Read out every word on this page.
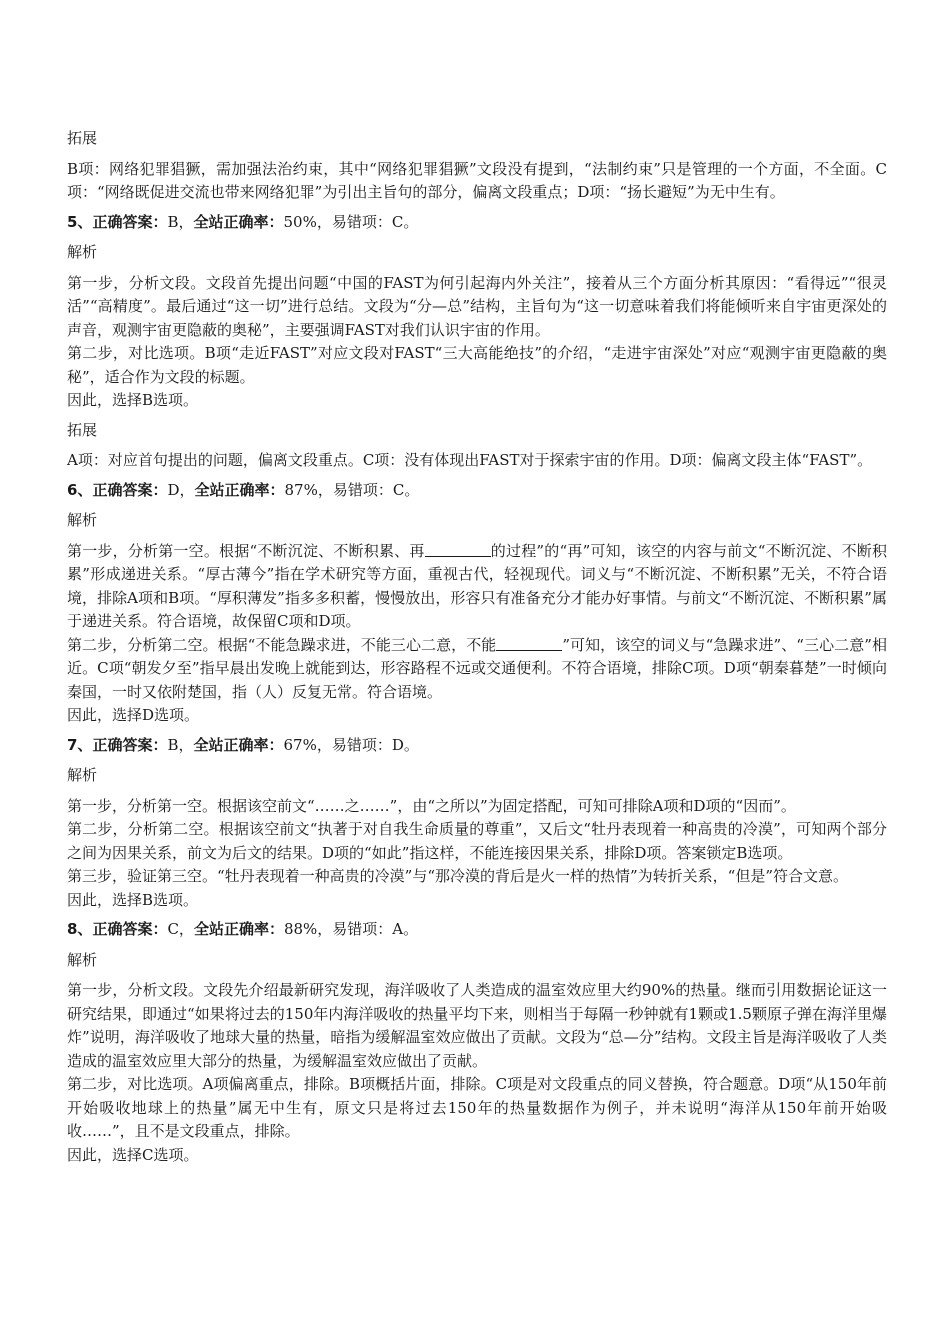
拓展

B项：网络犯罪猖獗，需加强法治约束，其中“网络犯罪猖獗”文段没有提到，“法制约束”只是管理的一个方面，不全面。C项：“网络既促进交流也带来网络犯罪”为引出主旨句的部分，偏离文段重点；D项：“扬长避短”为无中生有。

5、正确答案：B，全站正确率：50%，易错项：C。
解析

第一步，分析文段。文段首先提出问题“中国的FAST为何引起海内外关注”，接着从三个方面分析其原因：“看得远”“很灵活”“高精度”。最后通过“这一切”进行总结。文段为“分—总”结构，主旨句为“这一切意味着我们将能倾听来自宇宙更深处的声音，观测宇宙更隐蔽的奥秘”，主要强调FAST对我们认识宇宙的作用。

第二步，对比选项。B项“走近FAST”对应文段对FAST“三大高能绝技”的介绍，“走进宇宙深处”对应“观测宇宙更隐蔽的奥秘”，适合作为文段的标题。

因此，选择B选项。

拓展

A项：对应首句提出的问题，偏离文段重点。C项：没有体现出FAST对于探索宇宙的作用。D项：偏离文段主体“FAST”。

6、正确答案：D，全站正确率：87%，易错项：C。
解析

第一步，分析第一空。根据“不断沉淀、不断积累、再	的过程”的“再”可知，该空的内容与前文“不断沉淀、不断积累”形成递进关系。“厚古薄今”指在学术研究等方面，重视古代，轻视现代。词义与“不断沉淀、不断积累”无关，不符合语境，排除A项和B项。“厚积薄发”指多多积蓄，慢慢放出，形容只有准备充分才能办好事情。与前文“不断沉淀、不断积累”属于递进关系。符合语境，故保留C项和D项。

第二步，分析第二空。根据“不能急躁求进，不能三心二意，不能	”可知，该空的词义与“急躁求进”、“三心二意”相近。C项“朝发夕至”指早晨出发晚上就能到达，形容路程不远或交通便利。不符合语境，排除C项。D项“朝秦暮楚”一时倾向秦国，一时又依附楚国，指（人）反复无常。符合语境。

因此，选择D选项。

7、正确答案：B，全站正确率：67%，易错项：D。
解析

第一步，分析第一空。根据该空前文“……之……”，由“之所以”为固定搭配，可知可排除A项和D项的“因而”。

第二步，分析第二空。根据该空前文“执著于对自我生命质量的尊重”，又后文“牡丹表现着一种高贵的冷漠”，可知两个部分之间为因果关系，前文为后文的结果。D项的“如此”指这样，不能连接因果关系，排除D项。答案锁定B选项。

第三步，验证第三空。“牡丹表现着一种高贵的冷漠”与“那冷漠的背后是火一样的热情”为转折关系，“但是”符合文意。

因此，选择B选项。

8、正确答案：C，全站正确率：88%，易错项：A。
解析

第一步，分析文段。文段先介绍最新研究发现，海洋吸收了人类造成的温室效应里大约90%的热量。继而引用数据论证这一研究结果，即通过“如果将过去的150年内海洋吸收的热量平均下来，则相当于每隔一秒钟就有1颗或1.5颗原子弹在海洋里爆炸”说明，海洋吸收了地球大量的热量，暗指为缓解温室效应做出了贡献。文段为“总—分”结构。文段主旨是海洋吸收了人类造成的温室效应里大部分的热量，为缓解温室效应做出了贡献。

第二步，对比选项。A项偏离重点，排除。B项概括片面，排除。C项是对文段重点的同义替换，符合题意。D项“从150年前开始吸收地球上的热量”属无中生有，原文只是将过去150年的热量数据作为例子，并未说明“海洋从150年前开始吸收……”，且不是文段重点，排除。

因此，选择C选项。
